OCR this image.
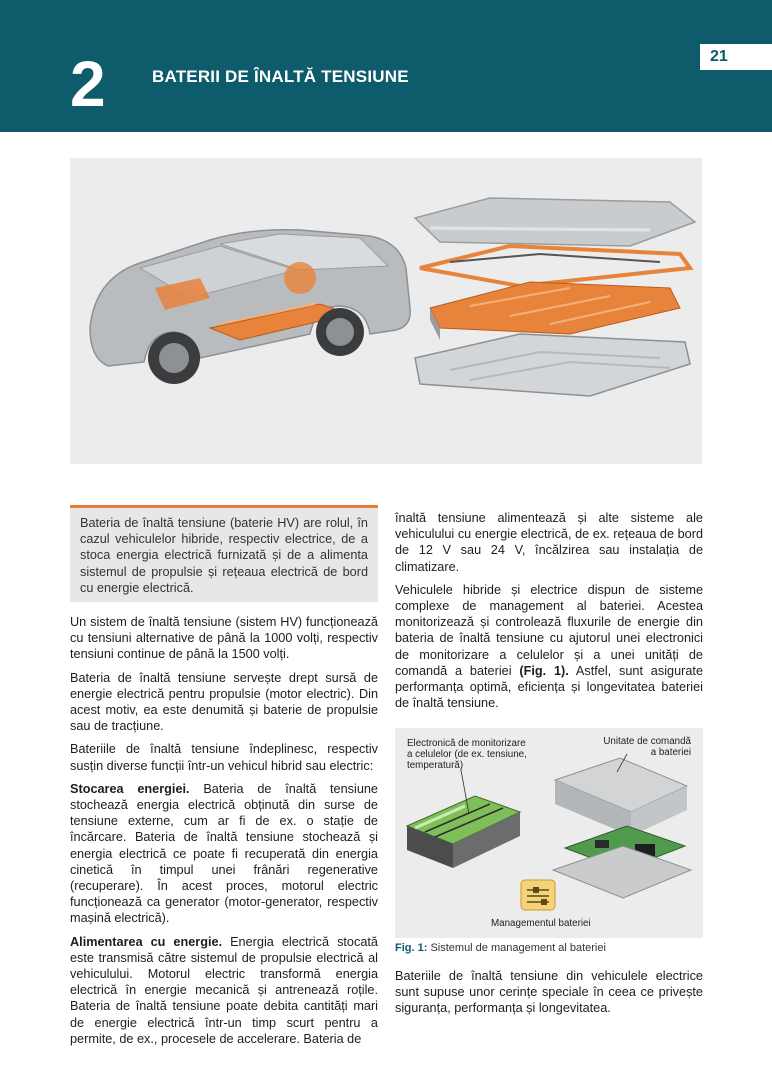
2	BATERII DE ÎNALTĂ TENSIUNE
21
Bateria de înaltă tensiune (baterie HV) are rolul, în cazul vehiculelor hibride, respectiv electrice, de a stoca energia electrică furnizată și de a alimenta sistemul de propulsie și rețeaua electrică de bord cu energie electrică.

Un sistem de înaltă tensiune (sistem HV) funcționează cu tensiuni alternative de până la 1000 volți, respectiv tensiuni continue de până la 1500 volți.

Bateria de înaltă tensiune servește drept sursă de energie electrică pentru propulsie (motor electric). Din acest motiv, ea este denumită și baterie de propulsie sau de tracțiune.

Bateriile de înaltă tensiune îndeplinesc, respectiv susțin diverse funcții într-un vehicul hibrid sau electric:

Stocarea energiei. Bateria de înaltă tensiune stochează energia electrică obținută din surse de tensiune externe, cum ar fi de ex. o stație de încărcare. Bateria de înaltă tensiune stochează și energia electrică ce poate fi recuperată din energia cinetică în timpul unei frânări regenerative (recuperare). În acest proces, motorul electric funcționează ca generator (motor-generator, respectiv mașină electrică).

Alimentarea cu energie. Energia electrică stocată este transmisă către sistemul de propulsie electrică al vehiculului. Motorul electric transformă energia electrică în energie mecanică și antrenează roțile. Bateria de înaltă tensiune poate debita cantități mari de energie electrică într-un timp scurt pentru a permite, de ex., procesele de accelerare. Bateria de

înaltă tensiune alimentează și alte sisteme ale vehiculului cu energie electrică, de ex. rețeaua de bord de 12 V sau 24 V, încălzirea sau instalația de climatizare.

Vehiculele hibride și electrice dispun de sisteme complexe de management al bateriei. Acestea monitorizează și controlează fluxurile de energie din bateria de înaltă tensiune cu ajutorul unei electronici de monitorizare a celulelor și a unei unități de comandă a bateriei (Fig. 1). Astfel, sunt asigurate performanța optimă, eficiența și longevitatea bateriei de înaltă tensiune.

Electronică de monitorizare
a celulelor (de ex. tensiune,
temperatură)
Unitate de comandă
a bateriei
Managementul bateriei
Fig. 1: Sistemul de management al bateriei
Bateriile de înaltă tensiune din vehiculele electrice sunt supuse unor cerințe speciale în ceea ce privește siguranța, performanța și longevitatea.
